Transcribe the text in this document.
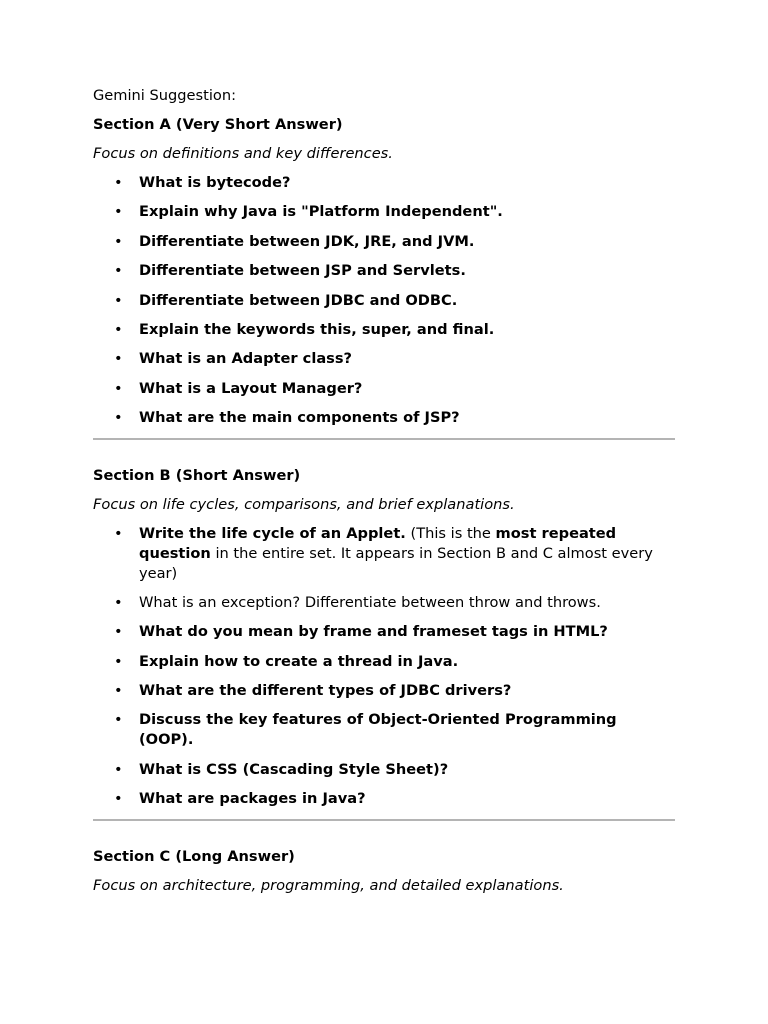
Gemini Suggestion:
Section A (Very Short Answer)
Focus on definitions and key differences.
• What is bytecode?
• Explain why Java is "Platform Independent".
• Differentiate between JDK, JRE, and JVM.
• Differentiate between JSP and Servlets.
• Differentiate between JDBC and ODBC.
• Explain the keywords this, super, and final.
• What is an Adapter class?
• What is a Layout Manager?
• What are the main components of JSP?
Section B (Short Answer)
Focus on life cycles, comparisons, and brief explanations.
• Write the life cycle of an Applet. (This is the most repeated question in the entire set. It appears in Section B and C almost every year)
• What is an exception? Differentiate between throw and throws.
• What do you mean by frame and frameset tags in HTML?
• Explain how to create a thread in Java.
• What are the different types of JDBC drivers?
• Discuss the key features of Object-Oriented Programming (OOP).
• What is CSS (Cascading Style Sheet)?
• What are packages in Java?
Section C (Long Answer)
Focus on architecture, programming, and detailed explanations.
